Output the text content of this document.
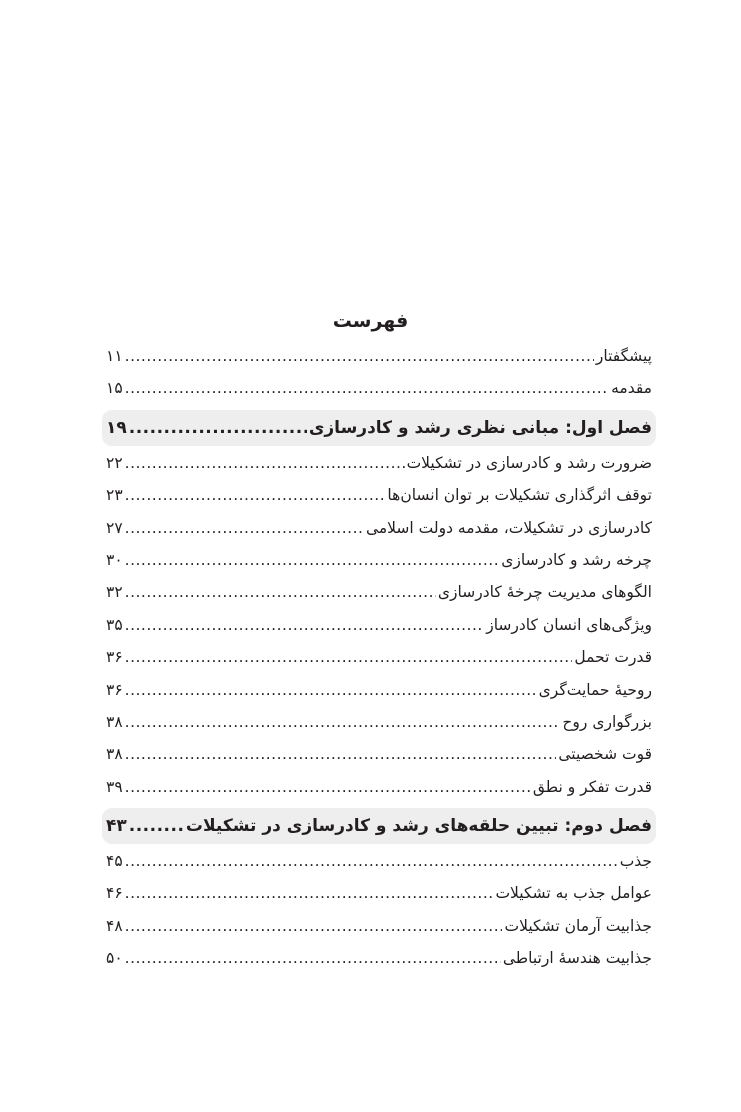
فهرست
پیشگفتار
.....
۱۱
مقدمه
.....
۱۵
فصل اول: مبانی نظری رشد و کادرسازی
.....
۱۹
ضرورت رشد و کادرسازی در تشکیلات
.....
۲۲
توقف اثرگذاری تشکیلات بر توان انسان‌ها
.....
۲۳
کادرسازی در تشکیلات، مقدمه دولت اسلامی
.....
۲۷
چرخه رشد و کادرسازی
.....
۳۰
الگوهای مدیریت چرخهٔ کادرسازی
.....
۳۲
ویژگی‌های انسان کادرساز
.....
۳۵
قدرت تحمل
.....
۳۶
روحیهٔ حمایت‌گری
.....
۳۶
بزرگواری روح
.....
۳۸
قوت شخصیتی
.....
۳۸
قدرت تفکر و نطق
.....
۳۹
فصل دوم: تبیین حلقه‌های رشد و کادرسازی در تشکیلات
.....
۴۳
جذب
.....
۴۵
عوامل جذب به تشکیلات
.....
۴۶
جذابیت آرمان تشکیلات
.....
۴۸
جذابیت هندسهٔ ارتباطی
.....
۵۰
